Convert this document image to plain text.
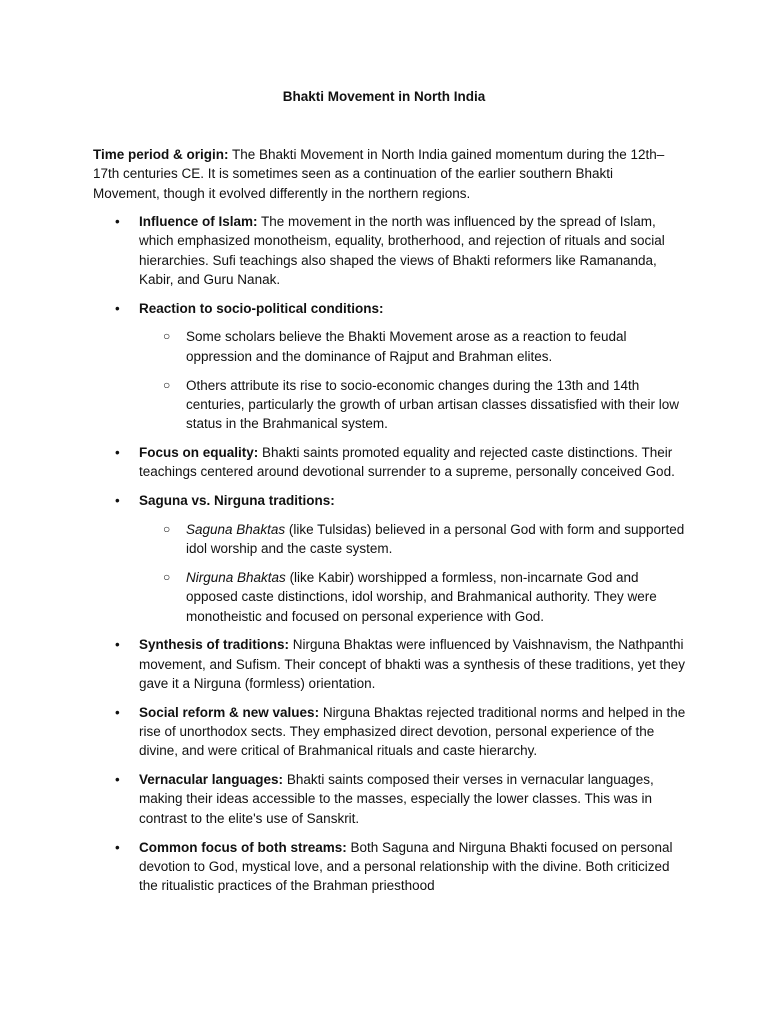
Bhakti Movement in North India
Time period & origin: The Bhakti Movement in North India gained momentum during the 12th–17th centuries CE. It is sometimes seen as a continuation of the earlier southern Bhakti Movement, though it evolved differently in the northern regions.
• Influence of Islam: The movement in the north was influenced by the spread of Islam, which emphasized monotheism, equality, brotherhood, and rejection of rituals and social hierarchies. Sufi teachings also shaped the views of Bhakti reformers like Ramananda, Kabir, and Guru Nanak.
• Reaction to socio-political conditions:
○ Some scholars believe the Bhakti Movement arose as a reaction to feudal oppression and the dominance of Rajput and Brahman elites.
○ Others attribute its rise to socio-economic changes during the 13th and 14th centuries, particularly the growth of urban artisan classes dissatisfied with their low status in the Brahmanical system.
• Focus on equality: Bhakti saints promoted equality and rejected caste distinctions. Their teachings centered around devotional surrender to a supreme, personally conceived God.
• Saguna vs. Nirguna traditions:
○ Saguna Bhaktas (like Tulsidas) believed in a personal God with form and supported idol worship and the caste system.
○ Nirguna Bhaktas (like Kabir) worshipped a formless, non-incarnate God and opposed caste distinctions, idol worship, and Brahmanical authority. They were monotheistic and focused on personal experience with God.
• Synthesis of traditions: Nirguna Bhaktas were influenced by Vaishnavism, the Nathpanthi movement, and Sufism. Their concept of bhakti was a synthesis of these traditions, yet they gave it a Nirguna (formless) orientation.
• Social reform & new values: Nirguna Bhaktas rejected traditional norms and helped in the rise of unorthodox sects. They emphasized direct devotion, personal experience of the divine, and were critical of Brahmanical rituals and caste hierarchy.
• Vernacular languages: Bhakti saints composed their verses in vernacular languages, making their ideas accessible to the masses, especially the lower classes. This was in contrast to the elite's use of Sanskrit.
• Common focus of both streams: Both Saguna and Nirguna Bhakti focused on personal devotion to God, mystical love, and a personal relationship with the divine. Both criticized the ritualistic practices of the Brahman priesthood
